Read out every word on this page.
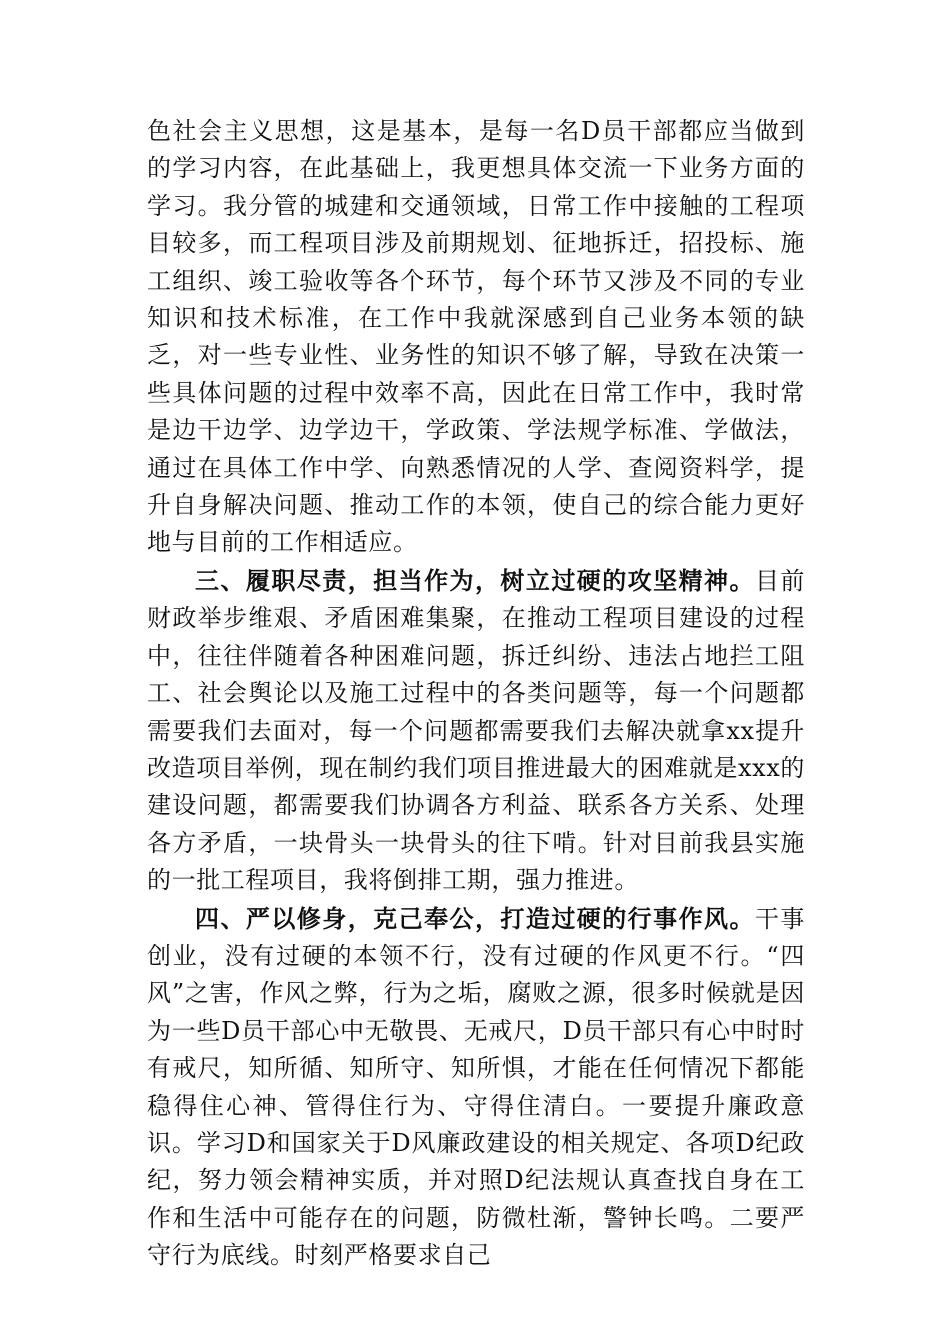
色社会主义思想，这是基本，是每一名D员干部都应当做到的学习内容，在此基础上，我更想具体交流一下业务方面的学习。我分管的城建和交通领域，日常工作中接触的工程项目较多，而工程项目涉及前期规划、征地拆迁，招投标、施工组织、竣工验收等各个环节，每个环节又涉及不同的专业知识和技术标准，在工作中我就深感到自己业务本领的缺乏，对一些专业性、业务性的知识不够了解，导致在决策一些具体问题的过程中效率不高，因此在日常工作中，我时常是边干边学、边学边干，学政策、学法规学标准、学做法，通过在具体工作中学、向熟悉情况的人学、查阅资料学，提升自身解决问题、推动工作的本领，使自己的综合能力更好地与目前的工作相适应。

三、履职尽责，担当作为，树立过硬的攻坚精神。目前财政举步维艰、矛盾困难集聚，在推动工程项目建设的过程中，往往伴随着各种困难问题，拆迁纠纷、违法占地拦工阻工、社会舆论以及施工过程中的各类问题等，每一个问题都需要我们去面对，每一个问题都需要我们去解决就拿xx提升改造项目举例，现在制约我们项目推进最大的困难就是xxx的建设问题，都需要我们协调各方利益、联系各方关系、处理各方矛盾，一块骨头一块骨头的往下啃。针对目前我县实施的一批工程项目，我将倒排工期，强力推进。

四、严以修身，克己奉公，打造过硬的行事作风。干事创业，没有过硬的本领不行，没有过硬的作风更不行。“四风”之害，作风之弊，行为之垢，腐败之源，很多时候就是因为一些D员干部心中无敬畏、无戒尺，D员干部只有心中时时有戒尺，知所循、知所守、知所惧，才能在任何情况下都能稳得住心神、管得住行为、守得住清白。一要提升廉政意识。学习D和国家关于D风廉政建设的相关规定、各项D纪政纪，努力领会精神实质，并对照D纪法规认真查找自身在工作和生活中可能存在的问题，防微杜渐，警钟长鸣。二要严守行为底线。时刻严格要求自己
